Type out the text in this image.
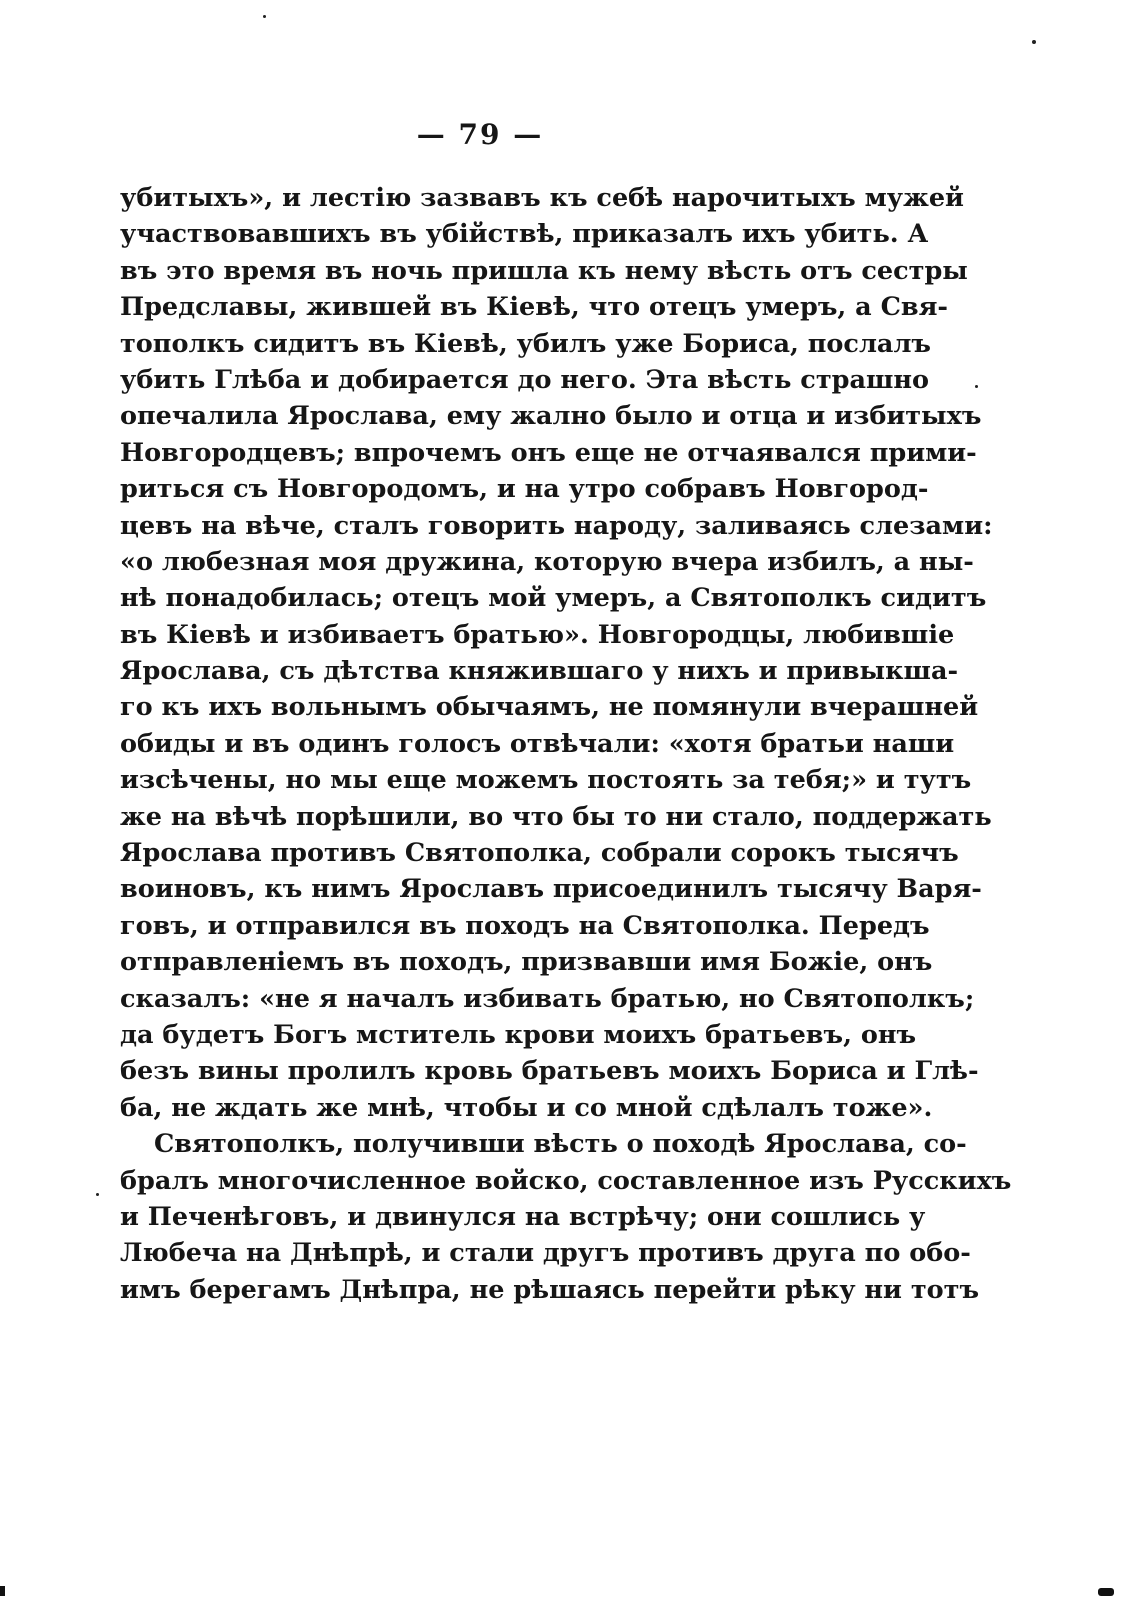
— 79 —
убитыхъ», и лестію зазвавъ къ себѣ нарочитыхъ мужей
участвовавшихъ въ убійствѣ, приказалъ ихъ убить. А
въ это время въ ночь пришла къ нему вѣсть отъ сестры
Предславы, жившей въ Кіевѣ, что отецъ умеръ, а Свя-
тополкъ сидитъ въ Кіевѣ, убилъ уже Бориса, послалъ
убить Глѣба и добирается до него. Эта вѣсть страшно
опечалила Ярослава, ему жално было и отца и избитыхъ
Новгородцевъ; впрочемъ онъ еще не отчаявался прими-
риться съ Новгородомъ, и на утро собравъ Новгород-
цевъ на вѣче, сталъ говорить народу, заливаясь слезами:
«о любезная моя дружина, которую вчера избилъ, а ны-
нѣ понадобилась; отецъ мой умеръ, а Святополкъ сидитъ
въ Кіевѣ и избиваетъ братью». Новгородцы, любившіе
Ярослава, съ дѣтства княжившаго у нихъ и привыкша-
го къ ихъ вольнымъ обычаямъ, не помянули вчерашней
обиды и въ одинъ голосъ отвѣчали: «хотя братьи наши
изсѣчены, но мы еще можемъ постоять за тебя;» и тутъ
же на вѣчѣ порѣшили, во что бы то ни стало, поддержать
Ярослава противъ Святополка, собрали сорокъ тысячъ
воиновъ, къ нимъ Ярославъ присоединилъ тысячу Варя-
говъ, и отправился въ походъ на Святополка. Передъ
отправленіемъ въ походъ, призвавши имя Божіе, онъ
сказалъ: «не я началъ избивать братью, но Святополкъ;
да будетъ Богъ мститель крови моихъ братьевъ, онъ
безъ вины пролилъ кровь братьевъ моихъ Бориса и Глѣ-
ба, не ждать же мнѣ, чтобы и со мной сдѣлалъ тоже».
Святополкъ, получивши вѣсть о походѣ Ярослава, со-
бралъ многочисленное войско, составленное изъ Русскихъ
и Печенѣговъ, и двинулся на встрѣчу; они сошлись у
Любеча на Днѣпрѣ, и стали другъ противъ друга по обо-
имъ берегамъ Днѣпра, не рѣшаясь перейти рѣку ни тотъ
